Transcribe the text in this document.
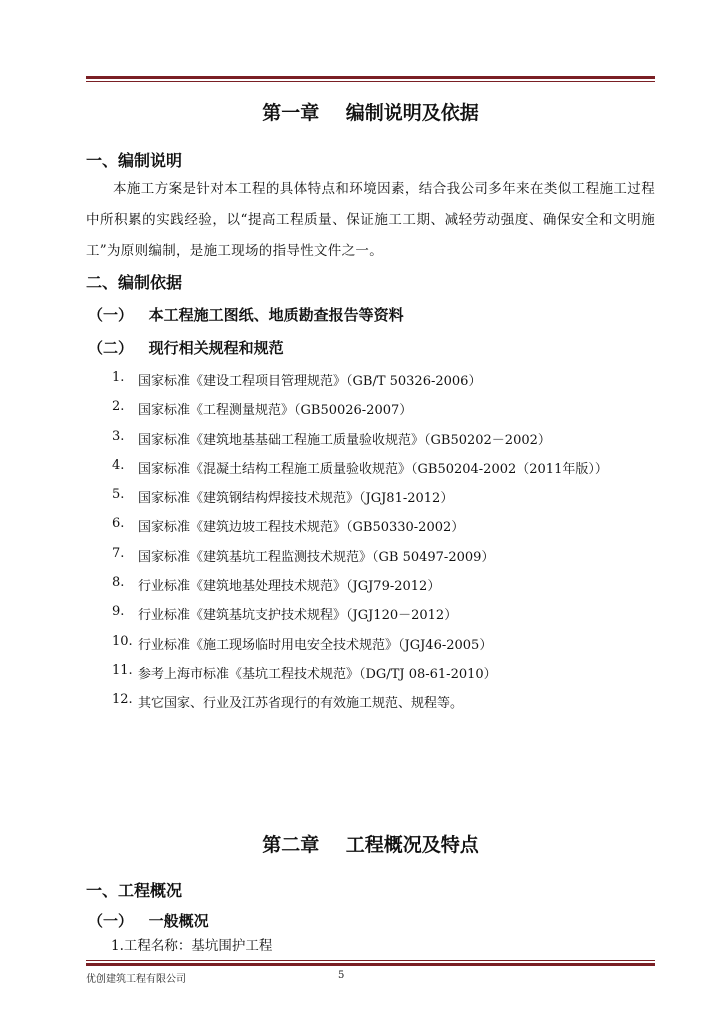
第一章    编制说明及依据
一、编制说明
本施工方案是针对本工程的具体特点和环境因素，结合我公司多年来在类似工程施工过程中所积累的实践经验，以“提高工程质量、保证施工工期、减轻劳动强度、确保安全和文明施工”为原则编制，是施工现场的指导性文件之一。
二、编制依据
（一）   本工程施工图纸、地质勘查报告等资料
（二）   现行相关规程和规范
1.	国家标准《建设工程项目管理规范》（GB/T 50326-2006）
2.	国家标准《工程测量规范》（GB50026-2007）
3.	国家标准《建筑地基基础工程施工质量验收规范》（GB50202－2002）
4.	国家标准《混凝土结构工程施工质量验收规范》（GB50204-2002（2011年版））
5.	国家标准《建筑钢结构焊接技术规范》（JGJ81-2012）
6.	国家标准《建筑边坡工程技术规范》（GB50330-2002）
7.	国家标准《建筑基坑工程监测技术规范》（GB 50497-2009）
8.	行业标准《建筑地基处理技术规范》（JGJ79-2012）
9.	行业标准《建筑基坑支护技术规程》（JGJ120－2012）
10. 行业标准《施工现场临时用电安全技术规范》（JGJ46-2005）
11. 参考上海市标准《基坑工程技术规范》（DG/TJ 08-61-2010）
12. 其它国家、行业及江苏省现行的有效施工规范、规程等。
第二章    工程概况及特点
一、工程概况
（一）   一般概况
1.工程名称：基坑围护工程
优创建筑工程有限公司	5
